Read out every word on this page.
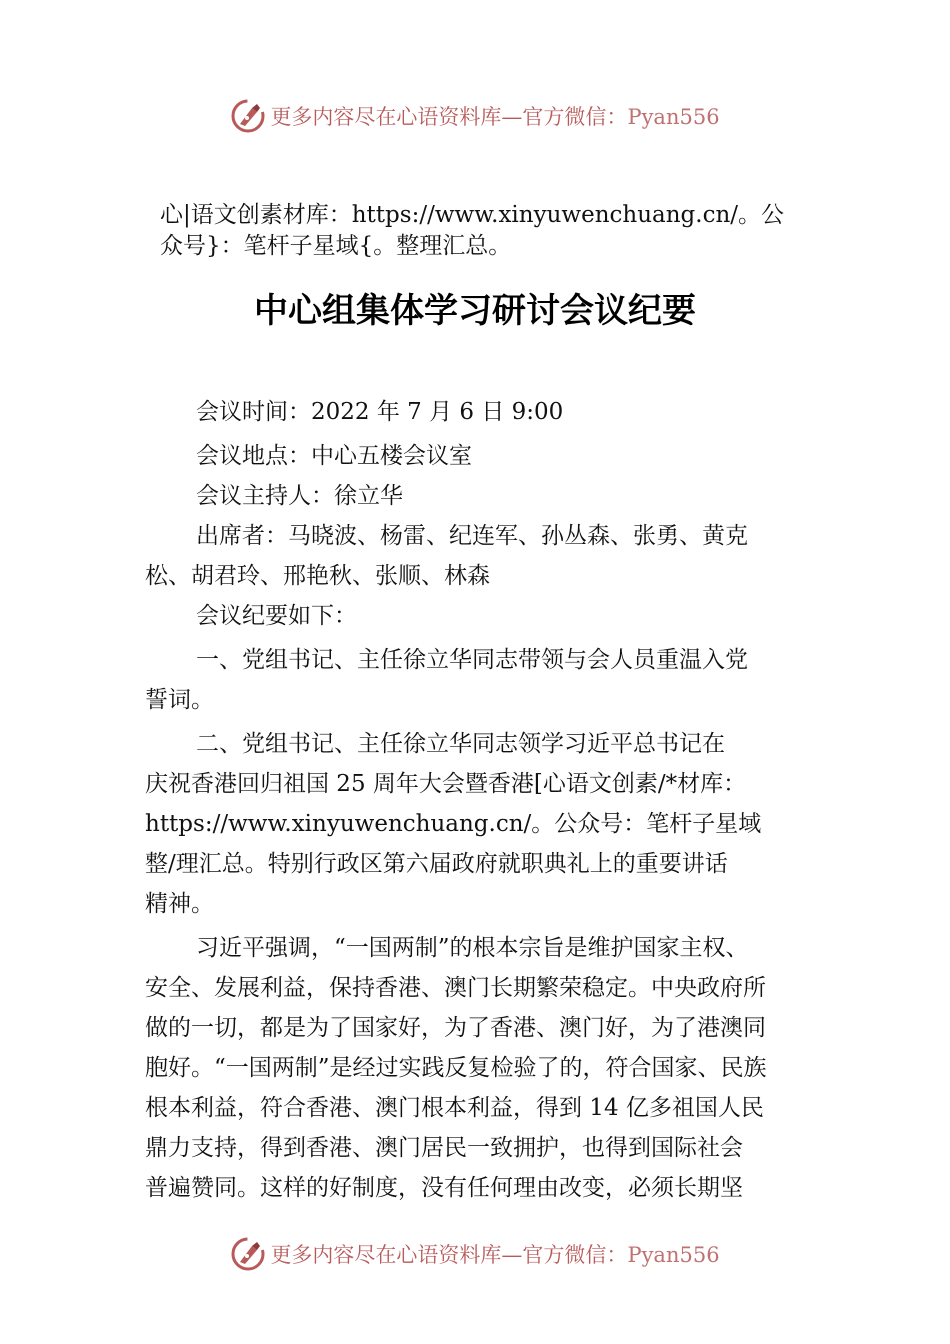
更多内容尽在心语资料库—官方微信：Pyan556
心|语文创素材库：https://www.xinyuwenchuang.cn/。公
众号}：笔杆子星域{。整理汇总。
中心组集体学习研讨会议纪要

会议时间：2022 年 7 月 6 日 9:00

会议地点：中心五楼会议室

会议主持人：徐立华

出席者：马晓波、杨雷、纪连军、孙丛森、张勇、黄克

松、胡君玲、邢艳秋、张顺、林森

会议纪要如下：

一、党组书记、主任徐立华同志带领与会人员重温入党

誓词。

二、党组书记、主任徐立华同志领学习近平总书记在

庆祝香港回归祖国 25 周年大会暨香港[心语文创素/*材库：

https://www.xinyuwenchuang.cn/。公众号：笔杆子星域

整/理汇总。特别行政区第六届政府就职典礼上的重要讲话

精神。

习近平强调，“一国两制”的根本宗旨是维护国家主权、

安全、发展利益，保持香港、澳门长期繁荣稳定。中央政府所

做的一切，都是为了国家好，为了香港、澳门好，为了港澳同

胞好。“一国两制”是经过实践反复检验了的，符合国家、民族

根本利益，符合香港、澳门根本利益，得到 14 亿多祖国人民

鼎力支持，得到香港、澳门居民一致拥护，也得到国际社会

普遍赞同。这样的好制度，没有任何理由改变，必须长期坚

更多内容尽在心语资料库—官方微信：Pyan556
